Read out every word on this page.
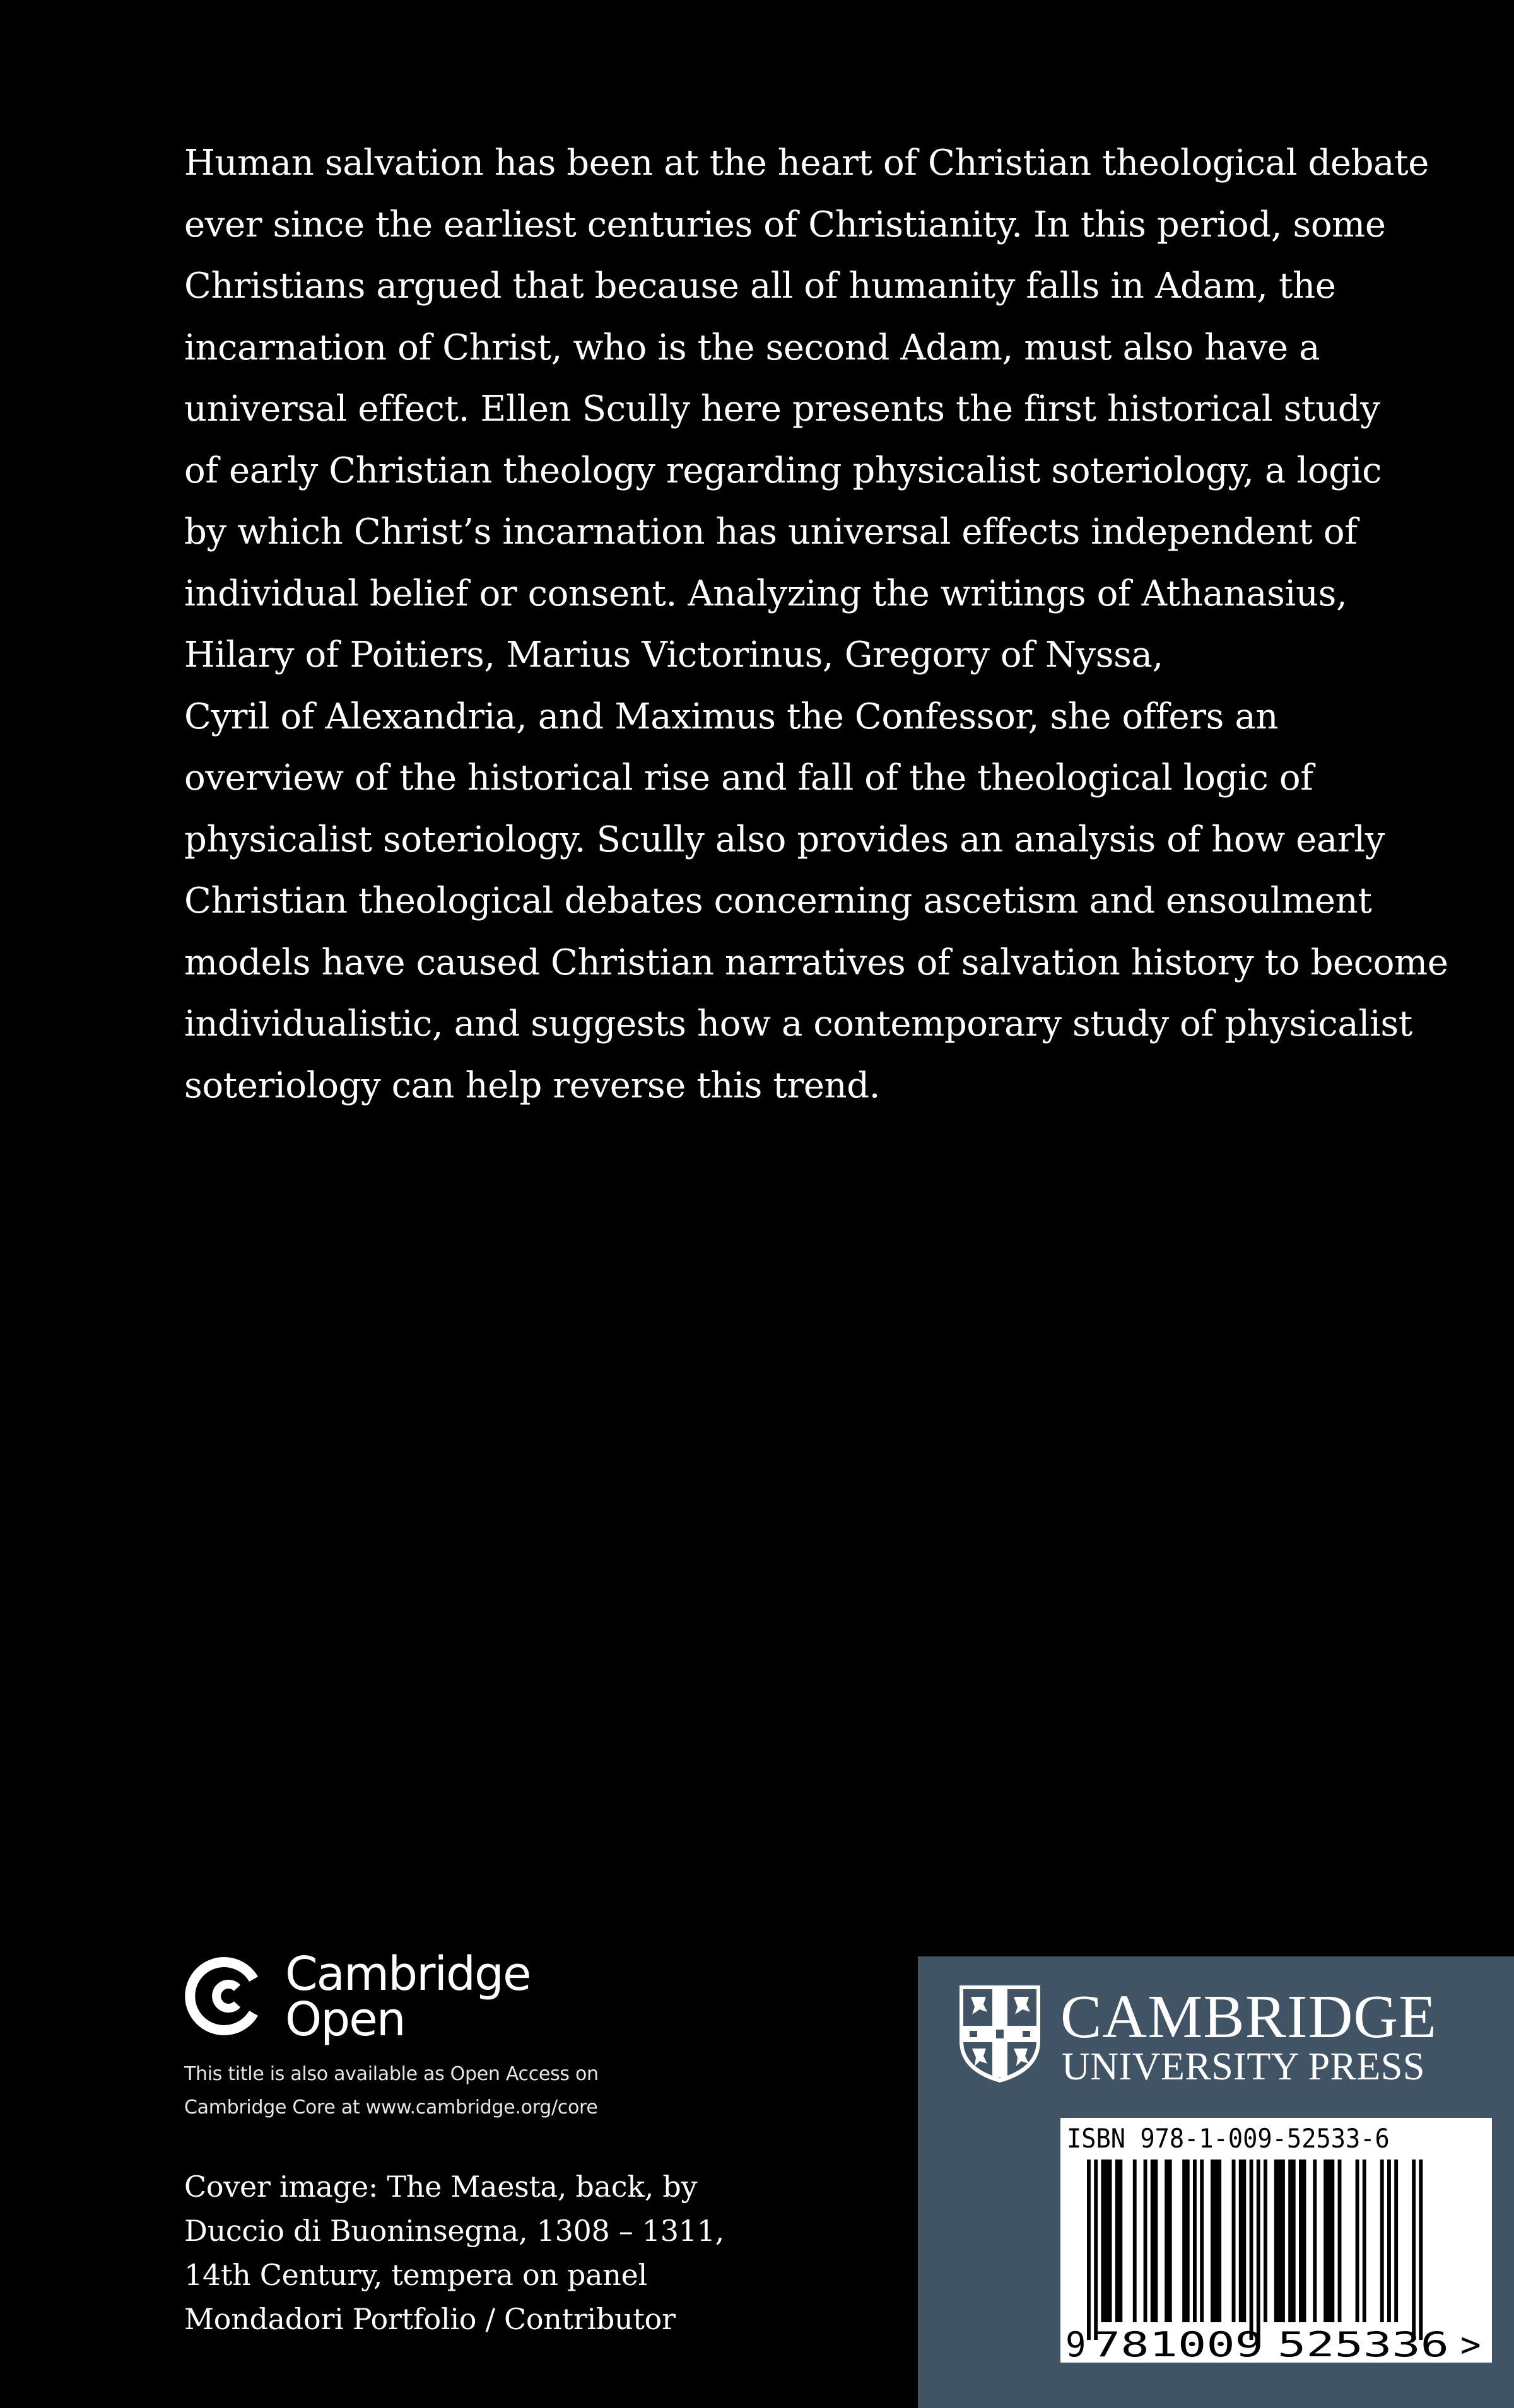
Human salvation has been at the heart of Christian theological debate
ever since the earliest centuries of Christianity. In this period, some
Christians argued that because all of humanity falls in Adam, the
incarnation of Christ, who is the second Adam, must also have a
universal effect. Ellen Scully here presents the first historical study
of early Christian theology regarding physicalist soteriology, a logic
by which Christ’s incarnation has universal effects independent of
individual belief or consent. Analyzing the writings of Athanasius,
Hilary of Poitiers, Marius Victorinus, Gregory of Nyssa,
Cyril of Alexandria, and Maximus the Confessor, she offers an
overview of the historical rise and fall of the theological logic of
physicalist soteriology. Scully also provides an analysis of how early
Christian theological debates concerning ascetism and ensoulment
models have caused Christian narratives of salvation history to become
individualistic, and suggests how a contemporary study of physicalist
soteriology can help reverse this trend.
Cambridge
Open
This title is also available as Open Access on
Cambridge Core at www.cambridge.org/core
Cover image: The Maesta, back, by
Duccio di Buoninsegna, 1308 – 1311,
14th Century, tempera on panel
Mondadori Portfolio / Contributor
CAMBRIDGE
UNIVERSITY PRESS
ISBN 978-1-009-52533-6
9 781009 525336 >
